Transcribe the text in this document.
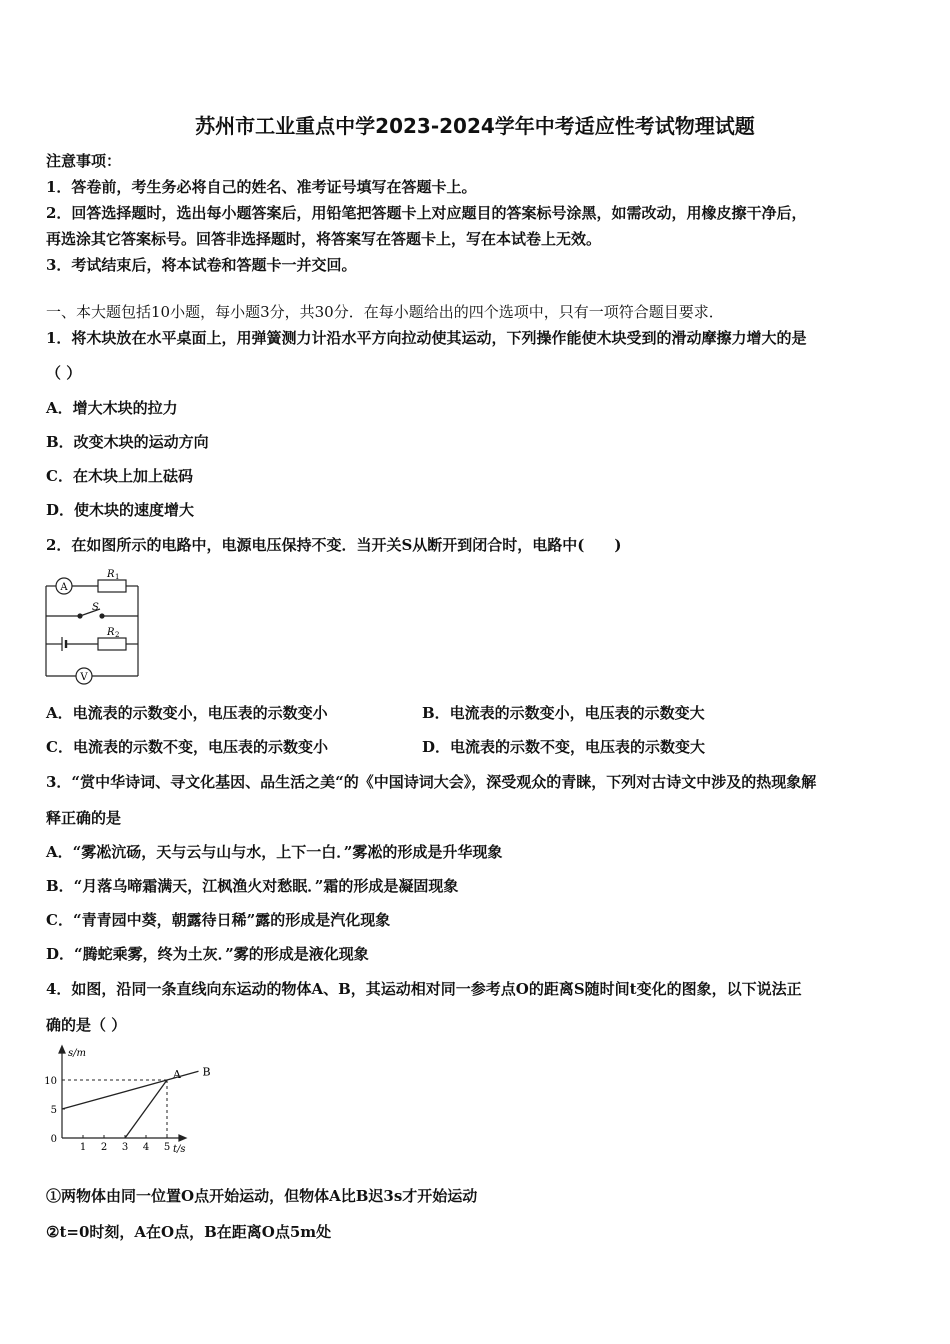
苏州市工业重点中学2023-2024学年中考适应性考试物理试题
注意事项：
1．答卷前，考生务必将自己的姓名、准考证号填写在答题卡上。
2．回答选择题时，选出每小题答案后，用铅笔把答题卡上对应题目的答案标号涂黑，如需改动，用橡皮擦干净后，
再选涂其它答案标号。回答非选择题时，将答案写在答题卡上，写在本试卷上无效。
3．考试结束后，将本试卷和答题卡一并交回。
一、本大题包括10小题，每小题3分，共30分．在每小题给出的四个选项中，只有一项符合题目要求．
1．将木块放在水平桌面上，用弹簧测力计沿水平方向拉动使其运动，下列操作能使木块受到的滑动摩擦力增大的是
（ ）
A．增大木块的拉力
B．改变木块的运动方向
C．在木块上加上砝码
D．使木块的速度增大
2．在如图所示的电路中，电源电压保持不变．当开关S从断开到闭合时，电路中(　　)
A
V
R 1
S
R 2
A．电流表的示数变小，电压表的示数变小	B．电流表的示数变小，电压表的示数变大
C．电流表的示数不变，电压表的示数变小	D．电流表的示数不变，电压表的示数变大
3．“赏中华诗词、寻文化基因、品生活之美“的《中国诗词大会》，深受观众的青睐，下列对古诗文中涉及的热现象解
释正确的是
A．“雾凇沆砀，天与云与山与水，上下一白．”雾凇的形成是升华现象
B．“月落乌啼霜满天，江枫渔火对愁眠．”霜的形成是凝固现象
C．“青青园中葵，朝露待日稀”露的形成是汽化现象
D．“腾蛇乘雾，终为土灰．”雾的形成是液化现象
4．如图，沿同一条直线向东运动的物体A、B，其运动相对同一参考点O的距离S随时间t变化的图象，以下说法正
确的是（ ）
A B
1 2 3 4 5
0
5
10
s/m
t/s
①两物体由同一位置O点开始运动，但物体A比B迟3s才开始运动
②t=0时刻，A在O点，B在距离O点5m处
